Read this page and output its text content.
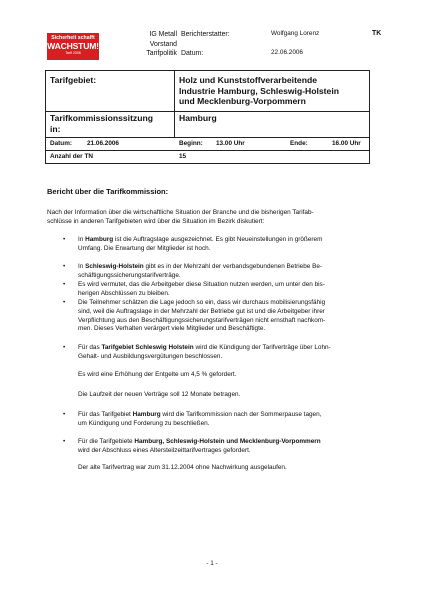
Sicherheit schafft
WACHSTUM!
Tarif 2006
IG Metall
Vorstand
Tarifpolitik
Berichterstatter:

Datum:
Wolfgang Lorenz
22.06.2006
TK
Tarifgebiet:	Holz und Kunststoffverarbeitende
Industrie Hamburg, Schleswig-Holstein
und Mecklenburg-Vorpommern
Tarifkommissionssitzung
in:
Hamburg
Datum: 21.06.2006	Beginn: 13.00 Uhr	Ende:	16.00 Uhr
Anzahl der TN	15
Bericht über die Tarifkommission:
Nach der Information über die wirtschaftliche Situation der Branche und die bisherigen Tarifab-
schlüsse in anderen Tarifgebieten wird über die Situation im Bezirk diskutiert:
•	In Hamburg ist die Auftragslage ausgezeichnet. Es gibt Neueinstellungen in größerem
Umfang. Die Erwartung der Mitglieder ist hoch.
•	In Schleswig-Holstein gibt es in der Mehrzahl der verbandsgebundenen Betriebe Be-
schäftigungssicherungstarifverträge.
•	Es wird vermutet, das die Arbeitgeber diese Situation nutzen werden, um unter den bis-
herigen Abschlüssen zu bleiben.
•	Die Teilnehmer schätzen die Lage jedoch so ein, dass wir durchaus mobilisierungsfähig
sind, weil die Auftragslage in der Mehrzahl der Betriebe gut ist und die Arbeitgeber ihrer
Verpflichtung aus den Beschäftigungssicherungstarifverträgen nicht ernsthaft nachkom-
men. Dieses Verhalten verärgert viele Mitglieder und Beschäftigte.
•	Für das Tarifgebiet Schleswig Holstein wird die Kündigung der Tarifverträge über Lohn-
Gehalt- und Ausbildungsvergütungen beschlossen.
Es wird eine Erhöhung der Entgelte um 4,5 % gefordert.
Die Laufzeit der neuen Verträge soll 12 Monate betragen.
•	Für das Tarifgebiet Hamburg wird die Tarifkommission nach der Sommerpause tagen,
um Kündigung und Forderung zu beschließen.
•	Für die Tarifgebiete Hamburg, Schleswig-Holstein und Mecklenburg-Vorpommern
wird der Abschluss eines Altersteilzeittarifvertrages gefordert.
Der alte Tarifvertrag war zum 31.12.2004 ohne Nachwirkung ausgelaufen.
- 1 -
